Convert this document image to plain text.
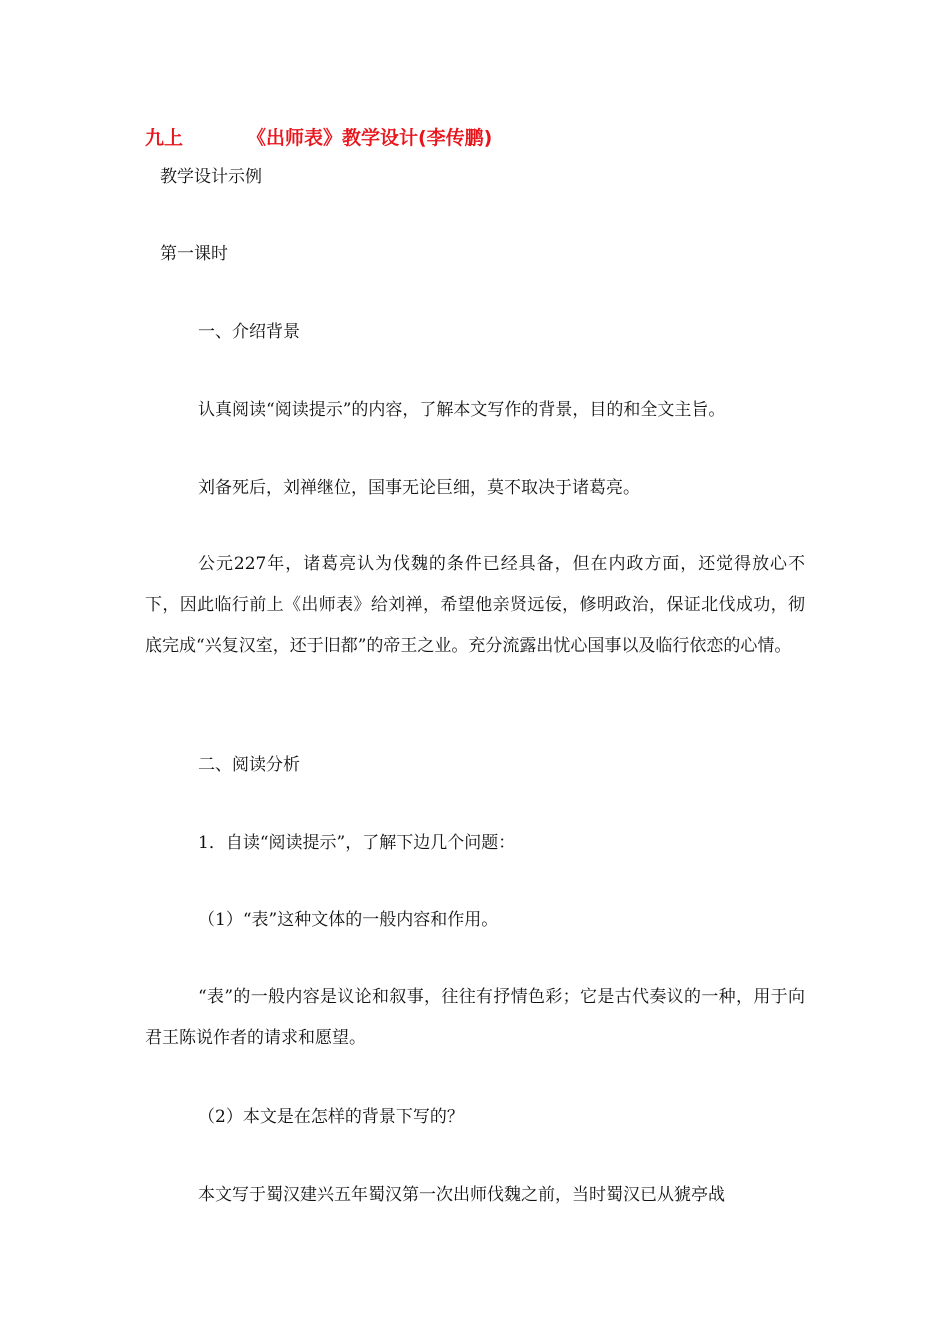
九上	《出师表》教学设计(李传鹏)
教学设计示例
第一课时
一、介绍背景
认真阅读“阅读提示”的内容，了解本文写作的背景，目的和全文主旨。
刘备死后，刘禅继位，国事无论巨细，莫不取决于诸葛亮。
公元227年，诸葛亮认为伐魏的条件已经具备，但在内政方面，还觉得放心不下，因此临行前上《出师表》给刘禅，希望他亲贤远佞，修明政治，保证北伐成功，彻底完成“兴复汉室，还于旧都”的帝王之业。充分流露出忧心国事以及临行依恋的心情。
二、阅读分析
1．自读“阅读提示”，了解下边几个问题：
（1）“表”这种文体的一般内容和作用。
“表”的一般内容是议论和叙事，往往有抒情色彩；它是古代奏议的一种，用于向君王陈说作者的请求和愿望。
（2）本文是在怎样的背景下写的？
本文写于蜀汉建兴五年蜀汉第一次出师伐魏之前，当时蜀汉已从猇亭战
